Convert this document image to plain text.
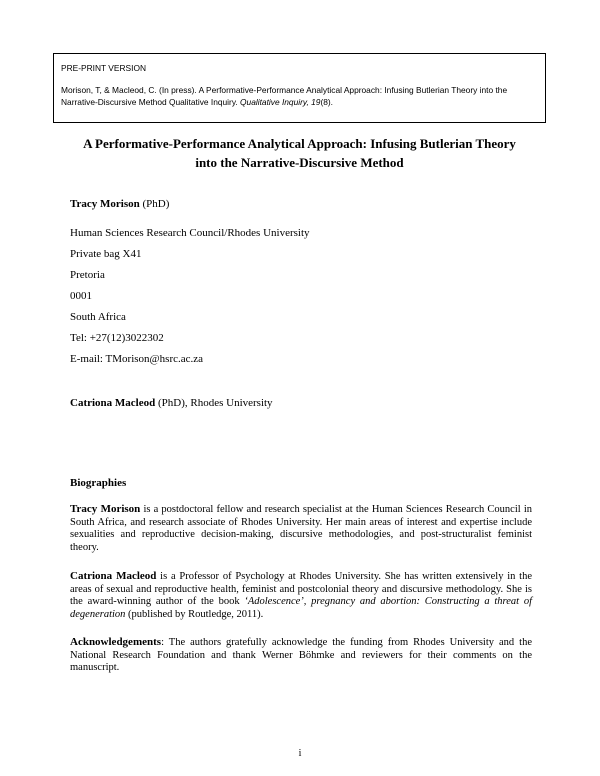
PRE-PRINT VERSION
Morison, T, & Macleod, C. (In press). A Performative-Performance Analytical Approach: Infusing Butlerian Theory into the Narrative-Discursive Method Qualitative Inquiry. Qualitative Inquiry, 19(8).
A Performative-Performance Analytical Approach: Infusing Butlerian Theory
into the Narrative-Discursive Method
Tracy Morison (PhD)
Human Sciences Research Council/Rhodes University
Private bag X41
Pretoria
0001
South Africa
Tel: +27(12)3022302
E-mail: TMorison@hsrc.ac.za
Catriona Macleod (PhD), Rhodes University
Biographies
Tracy Morison is a postdoctoral fellow and research specialist at the Human Sciences Research Council in South Africa, and research associate of Rhodes University. Her main areas of interest and expertise include sexualities and reproductive decision-making, discursive methodologies, and post-structuralist feminist theory.
Catriona Macleod is a Professor of Psychology at Rhodes University. She has written extensively in the areas of sexual and reproductive health, feminist and postcolonial theory and discursive methodology. She is the award-winning author of the book ‘Adolescence’, pregnancy and abortion: Constructing a threat of degeneration (published by Routledge, 2011).
Acknowledgements: The authors gratefully acknowledge the funding from Rhodes University and the National Research Foundation and thank Werner Böhmke and reviewers for their comments on the manuscript.
i
